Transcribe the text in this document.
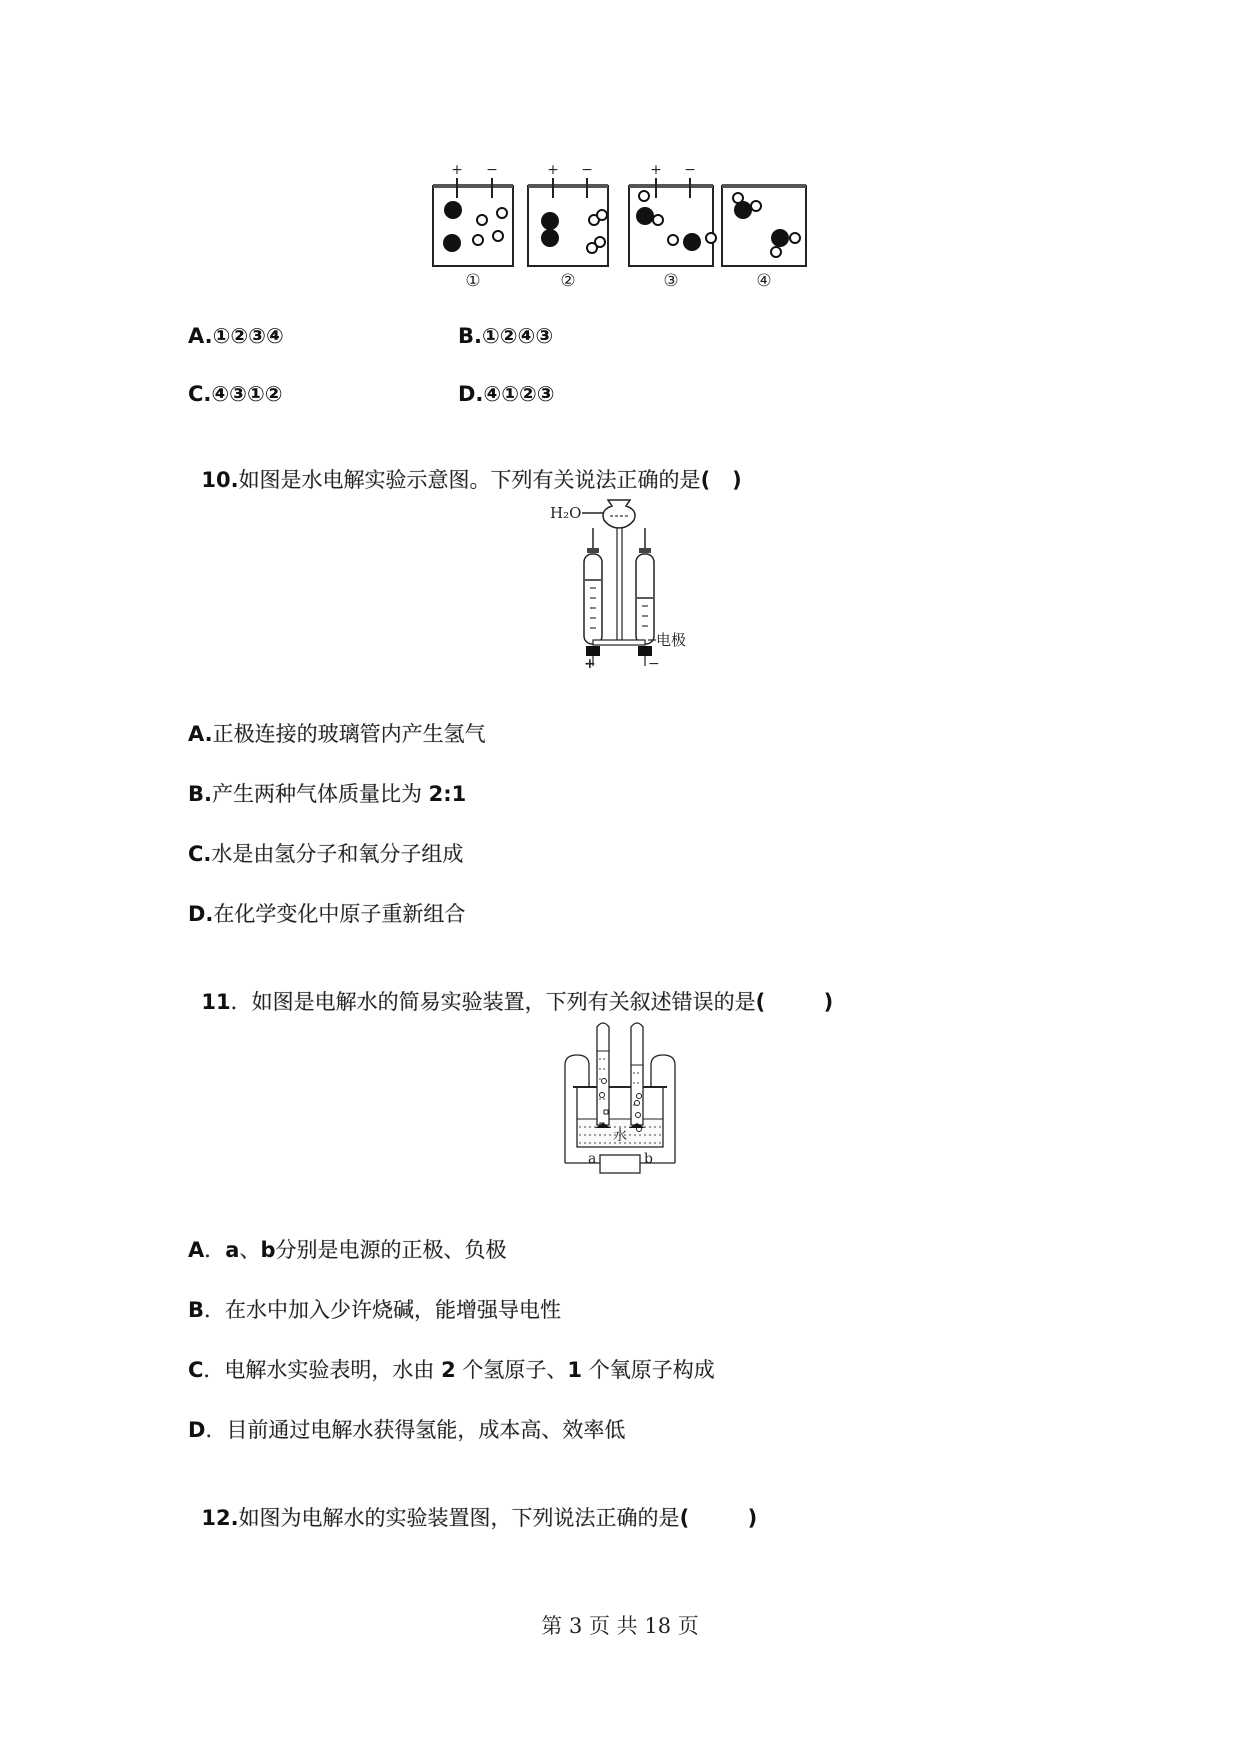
+ −	+ −	+ −
①	②	③	④
A.①②③④	B.①②④③
C.④③①②	D.④①②③

10.如图是水电解实验示意图。下列有关说法正确的是(   )

H₂O
电极
+	−
A.正极连接的玻璃管内产生氢气
B.产生两种气体质量比为 2:1
C.水是由氢分子和氧分子组成
D.在化学变化中原子重新组合

11．如图是电解水的简易实验装置，下列有关叙述错误的是(        )

a	b
水
A．a、b分别是电源的正极、负极
B．在水中加入少许烧碱，能增强导电性
C．电解水实验表明，水由 2 个氢原子、1 个氧原子构成
D．目前通过电解水获得氢能，成本高、效率低

12.如图为电解水的实验装置图，下列说法正确的是(        )

第 3 页 共 18 页
